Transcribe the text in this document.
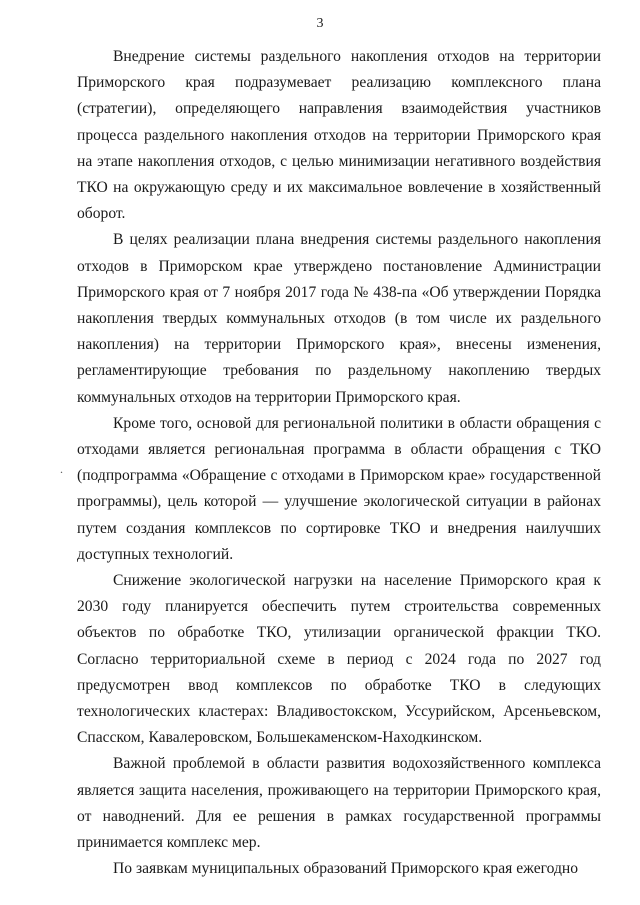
3
.

Внедрение системы раздельного накопления отходов на территории Приморского края подразумевает реализацию комплексного плана (стратегии), определяющего направления взаимодействия участников процесса раздельного накопления отходов на территории Приморского края на этапе накопления отходов, с целью минимизации негативного воздействия ТКО на окружающую среду и их максимальное вовлечение в хозяйственный оборот.

В целях реализации плана внедрения системы раздельного накопления отходов в Приморском крае утверждено постановление Администрации Приморского края от 7 ноября 2017 года № 438-па «Об утверждении Порядка накопления твердых коммунальных отходов (в том числе их раздельного накопления) на территории Приморского края», внесены изменения, регламентирующие требования по раздельному накоплению твердых коммунальных отходов на территории Приморского края.

Кроме того, основой для региональной политики в области обращения с отходами является региональная программа в области обращения с ТКО (подпрограмма «Обращение с отходами в Приморском крае» государственной программы), цель которой — улучшение экологической ситуации в районах путем создания комплексов по сортировке ТКО и внедрения наилучших доступных технологий.

Снижение экологической нагрузки на население Приморского края к 2030 году планируется обеспечить путем строительства современных объектов по обработке ТКО, утилизации органической фракции ТКО. Согласно территориальной схеме в период с 2024 года по 2027 год предусмотрен ввод комплексов по обработке ТКО в следующих технологических кластерах: Владивостокском, Уссурийском, Арсеньевском, Спасском, Кавалеровском, Большекаменском-Находкинском.

Важной проблемой в области развития водохозяйственного комплекса является защита населения, проживающего на территории Приморского края, от наводнений. Для ее решения в рамках государственной программы принимается комплекс мер.

По заявкам муниципальных образований Приморского края ежегодно
